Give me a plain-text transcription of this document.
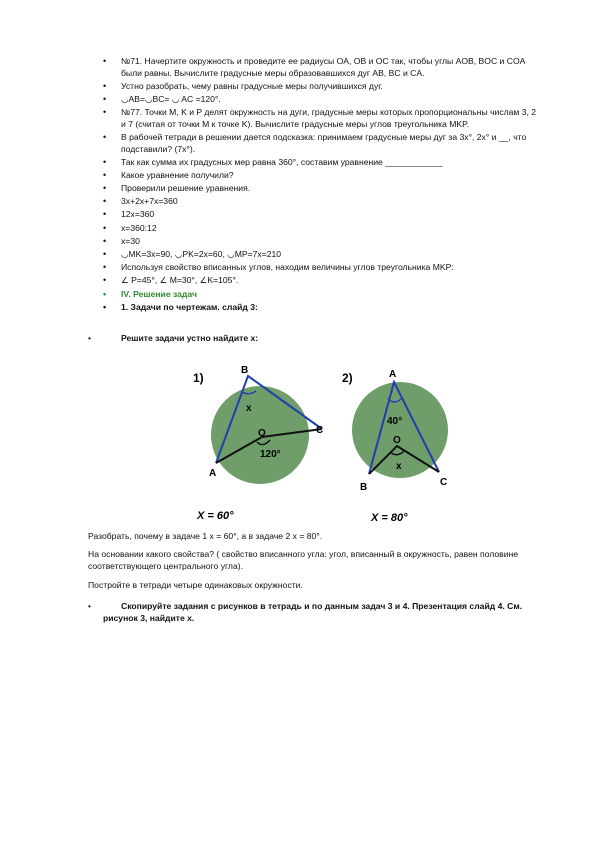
• №71. Начертите окружность и проведите ее радиусы OA, OB и OC так, чтобы углы AOB, BOC и COA были равны. Вычислите градусные меры образовавшихся дуг AB, BC и CA.
• Устно разобрать, чему равны градусные меры получившихся дуг.
• ◡AB=◡BC= ◡ AC =120°.
• №77. Точки M, K и P делят окружность на дуги, градусные меры которых пропорциональны числам 3, 2 и 7 (считая от точки M к точке K). Вычислите градусные меры углов треугольника MKP.
• В рабочей тетради в решении дается подсказка: принимаем градусные меры дуг за 3x°, 2x° и __, что подставили? (7x°).
• Так как сумма их градусных мер равна 360°, составим уравнение ____________
• Какое уравнение получили?
• Проверили решение уравнения.
• 3x+2x+7x=360
• 12x=360
• x=360:12
• x=30
• ◡MK=3x=90, ◡PK=2x=60, ◡MP=7x=210
• Используя свойство вписанных углов, находим величины углов треугольника MKP:
• ∠ P=45°, ∠ M=30°, ∠K=105°.
• IV. Решение задач
• 1. Задачи по чертежам. слайд 3:
•	Решите задачи устно найдите x:
1)
B
A
C
O
x
120°
X = 60°
2)	A
B	C
O
x
40°
X = 80°

Разобрать, почему в задаче 1 x = 60°, а в задаче 2 x = 80°.

На основании какого свойства? ( свойство вписанного угла: угол, вписанный в окружность, равен половине соответствующего центрального угла).

Постройте в тетради четыре одинаковых окружности.

•	Скопируйте задания с рисунков в тетрадь и по данным задач 3 и 4. Презентация слайд 4. См. рисунок 3, найдите x.
